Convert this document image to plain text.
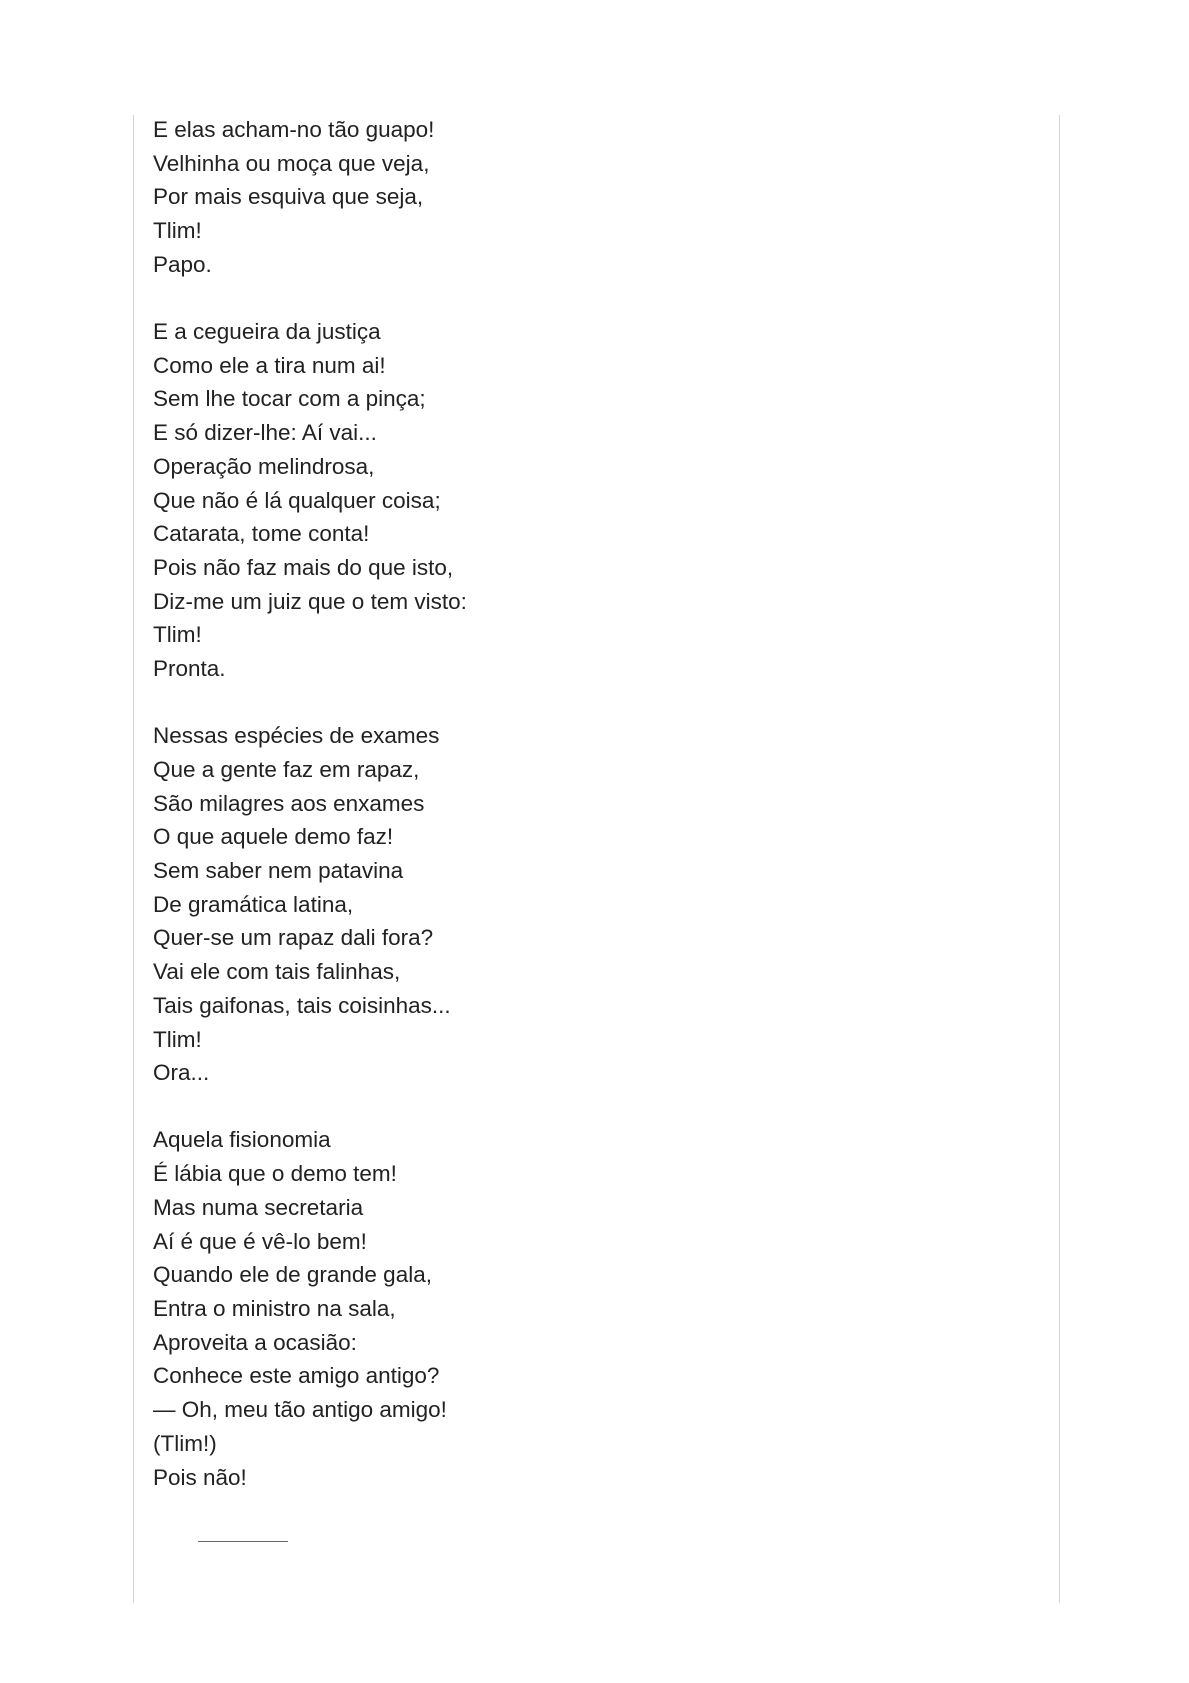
E elas acham-no tão guapo!
Velhinha ou moça que veja,
Por mais esquiva que seja,
Tlim!
Papo.
E a cegueira da justiça
Como ele a tira num ai!
Sem lhe tocar com a pinça;
E só dizer-lhe: Aí vai...
Operação melindrosa,
Que não é lá qualquer coisa;
Catarata, tome conta!
Pois não faz mais do que isto,
Diz-me um juiz que o tem visto:
Tlim!
Pronta.
Nessas espécies de exames
Que a gente faz em rapaz,
São milagres aos enxames
O que aquele demo faz!
Sem saber nem patavina
De gramática latina,
Quer-se um rapaz dali fora?
Vai ele com tais falinhas,
Tais gaifonas, tais coisinhas...
Tlim!
Ora...
Aquela fisionomia
É lábia que o demo tem!
Mas numa secretaria
Aí é que é vê-lo bem!
Quando ele de grande gala,
Entra o ministro na sala,
Aproveita a ocasião:
Conhece este amigo antigo?
— Oh, meu tão antigo amigo!
(Tlim!)
Pois não!
